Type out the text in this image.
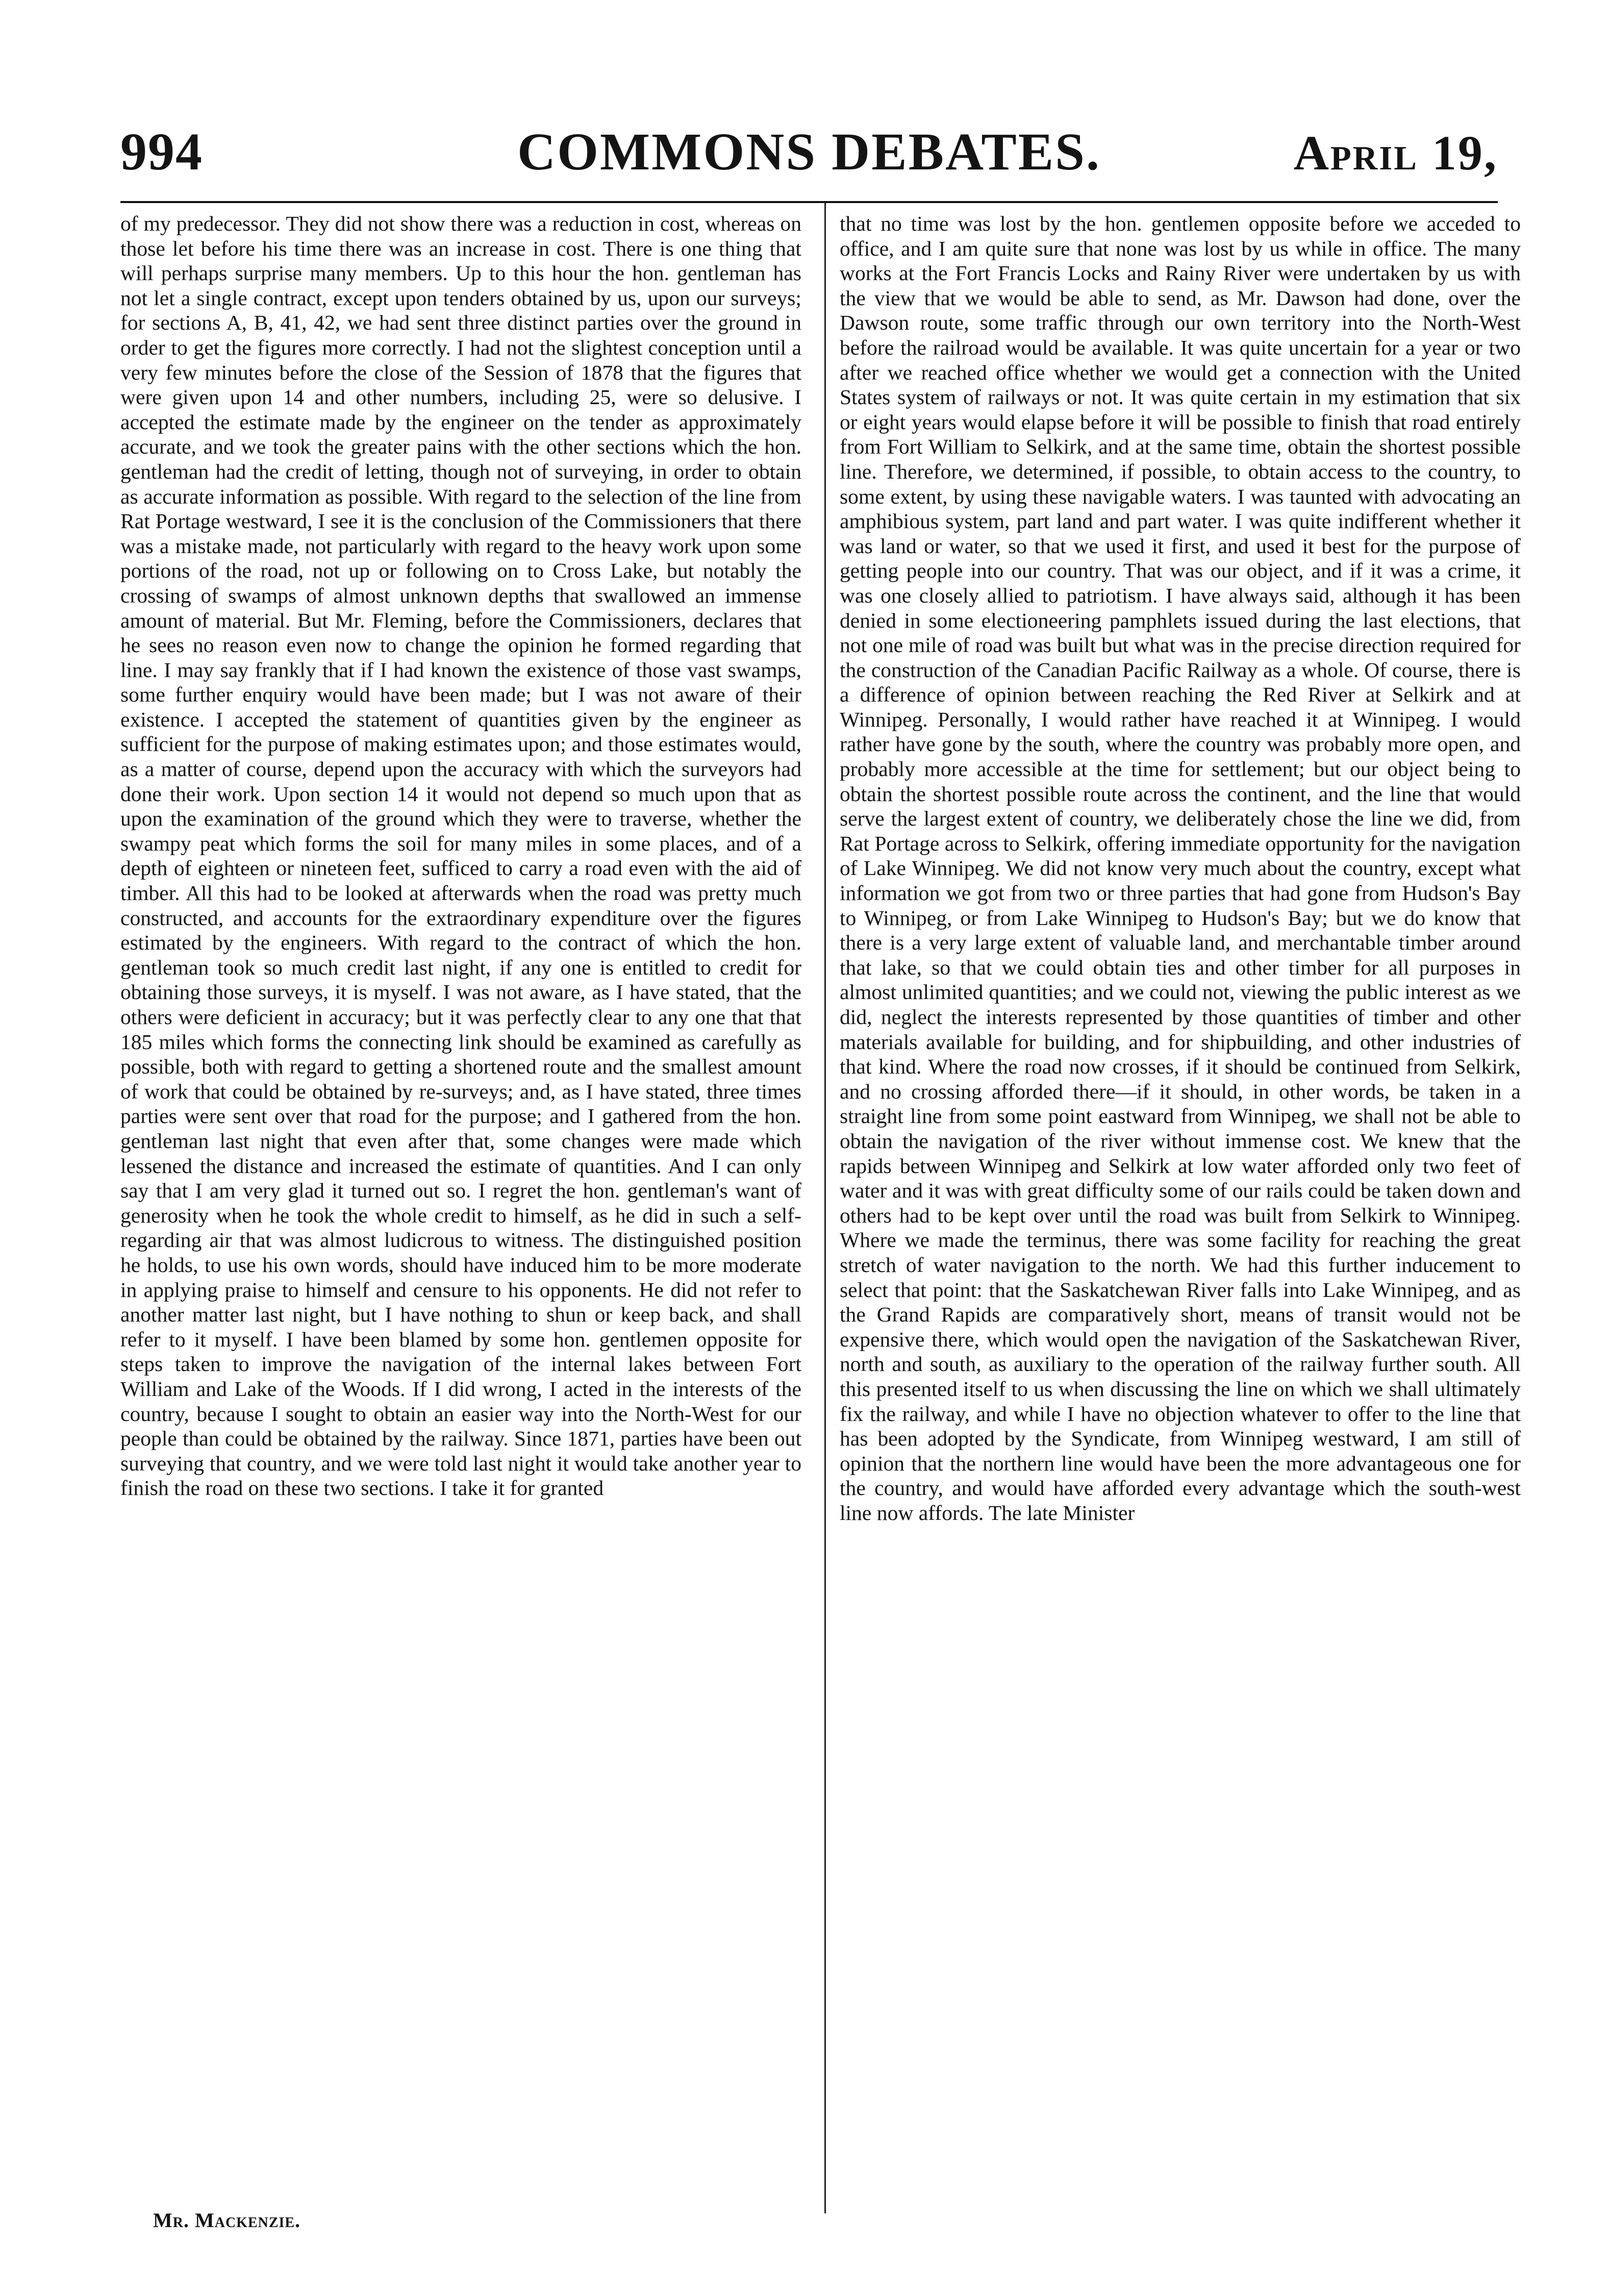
994	COMMONS DEBATES.	April 19,

of my predecessor. They did not show there was a reduction in cost, whereas on those let before his time there was an increase in cost. There is one thing that will perhaps surprise many members. Up to this hour the hon. gentleman has not let a single contract, except upon tenders obtained by us, upon our surveys; for sections A, B, 41, 42, we had sent three distinct parties over the ground in order to get the figures more correctly. I had not the slightest conception until a very few minutes before the close of the Session of 1878 that the figures that were given upon 14 and other numbers, including 25, were so delusive. I accepted the estimate made by the engineer on the tender as approximately accurate, and we took the greater pains with the other sections which the hon. gentleman had the credit of letting, though not of surveying, in order to obtain as accurate information as possible. With regard to the selection of the line from Rat Portage westward, I see it is the conclusion of the Commissioners that there was a mistake made, not particularly with regard to the heavy work upon some portions of the road, not up or following on to Cross Lake, but notably the crossing of swamps of almost unknown depths that swallowed an immense amount of material. But Mr. Fleming, before the Commissioners, declares that he sees no reason even now to change the opinion he formed regarding that line. I may say frankly that if I had known the existence of those vast swamps, some further enquiry would have been made; but I was not aware of their existence. I accepted the statement of quantities given by the engineer as sufficient for the purpose of making estimates upon; and those estimates would, as a matter of course, depend upon the accuracy with which the surveyors had done their work. Upon section 14 it would not depend so much upon that as upon the examination of the ground which they were to traverse, whether the swampy peat which forms the soil for many miles in some places, and of a depth of eighteen or nineteen feet, sufficed to carry a road even with the aid of timber. All this had to be looked at afterwards when the road was pretty much constructed, and accounts for the extraordinary expenditure over the figures estimated by the engineers. With regard to the contract of which the hon. gentleman took so much credit last night, if any one is entitled to credit for obtaining those surveys, it is myself. I was not aware, as I have stated, that the others were deficient in accuracy; but it was perfectly clear to any one that that 185 miles which forms the connecting link should be examined as carefully as possible, both with regard to getting a shortened route and the smallest amount of work that could be obtained by re-surveys; and, as I have stated, three times parties were sent over that road for the purpose; and I gathered from the hon. gentleman last night that even after that, some changes were made which lessened the distance and increased the estimate of quantities. And I can only say that I am very glad it turned out so. I regret the hon. gentleman's want of generosity when he took the whole credit to himself, as he did in such a self-regarding air that was almost ludicrous to witness. The distinguished position he holds, to use his own words, should have induced him to be more moderate in applying praise to himself and censure to his opponents. He did not refer to another matter last night, but I have nothing to shun or keep back, and shall refer to it myself. I have been blamed by some hon. gentlemen opposite for steps taken to improve the navigation of the internal lakes between Fort William and Lake of the Woods. If I did wrong, I acted in the interests of the country, because I sought to obtain an easier way into the North-West for our people than could be obtained by the railway. Since 1871, parties have been out surveying that country, and we were told last night it would take another year to finish the road on these two sections. I take it for granted

that no time was lost by the hon. gentlemen opposite before we acceded to office, and I am quite sure that none was lost by us while in office. The many works at the Fort Francis Locks and Rainy River were undertaken by us with the view that we would be able to send, as Mr. Dawson had done, over the Dawson route, some traffic through our own territory into the North-West before the railroad would be available. It was quite uncertain for a year or two after we reached office whether we would get a connection with the United States system of railways or not. It was quite certain in my estimation that six or eight years would elapse before it will be possible to finish that road entirely from Fort William to Selkirk, and at the same time, obtain the shortest possible line. Therefore, we determined, if possible, to obtain access to the country, to some extent, by using these navigable waters. I was taunted with advocating an amphibious system, part land and part water. I was quite indifferent whether it was land or water, so that we used it first, and used it best for the purpose of getting people into our country. That was our object, and if it was a crime, it was one closely allied to patriotism. I have always said, although it has been denied in some electioneering pamphlets issued during the last elections, that not one mile of road was built but what was in the precise direction required for the construction of the Canadian Pacific Railway as a whole. Of course, there is a difference of opinion between reaching the Red River at Selkirk and at Winnipeg. Personally, I would rather have reached it at Winnipeg. I would rather have gone by the south, where the country was probably more open, and probably more accessible at the time for settlement; but our object being to obtain the shortest possible route across the continent, and the line that would serve the largest extent of country, we deliberately chose the line we did, from Rat Portage across to Selkirk, offering immediate opportunity for the navigation of Lake Winnipeg. We did not know very much about the country, except what information we got from two or three parties that had gone from Hudson's Bay to Winnipeg, or from Lake Winnipeg to Hudson's Bay; but we do know that there is a very large extent of valuable land, and merchantable timber around that lake, so that we could obtain ties and other timber for all purposes in almost unlimited quantities; and we could not, viewing the public interest as we did, neglect the interests represented by those quantities of timber and other materials available for building, and for shipbuilding, and other industries of that kind. Where the road now crosses, if it should be continued from Selkirk, and no crossing afforded there—if it should, in other words, be taken in a straight line from some point eastward from Winnipeg, we shall not be able to obtain the navigation of the river without immense cost. We knew that the rapids between Winnipeg and Selkirk at low water afforded only two feet of water and it was with great difficulty some of our rails could be taken down and others had to be kept over until the road was built from Selkirk to Winnipeg. Where we made the terminus, there was some facility for reaching the great stretch of water navigation to the north. We had this further inducement to select that point: that the Saskatchewan River falls into Lake Winnipeg, and as the Grand Rapids are comparatively short, means of transit would not be expensive there, which would open the navigation of the Saskatchewan River, north and south, as auxiliary to the operation of the railway further south. All this presented itself to us when discussing the line on which we shall ultimately fix the railway, and while I have no objection whatever to offer to the line that has been adopted by the Syndicate, from Winnipeg westward, I am still of opinion that the northern line would have been the more advantageous one for the country, and would have afforded every advantage which the south-west line now affords. The late Minister

Mr. Mackenzie.
